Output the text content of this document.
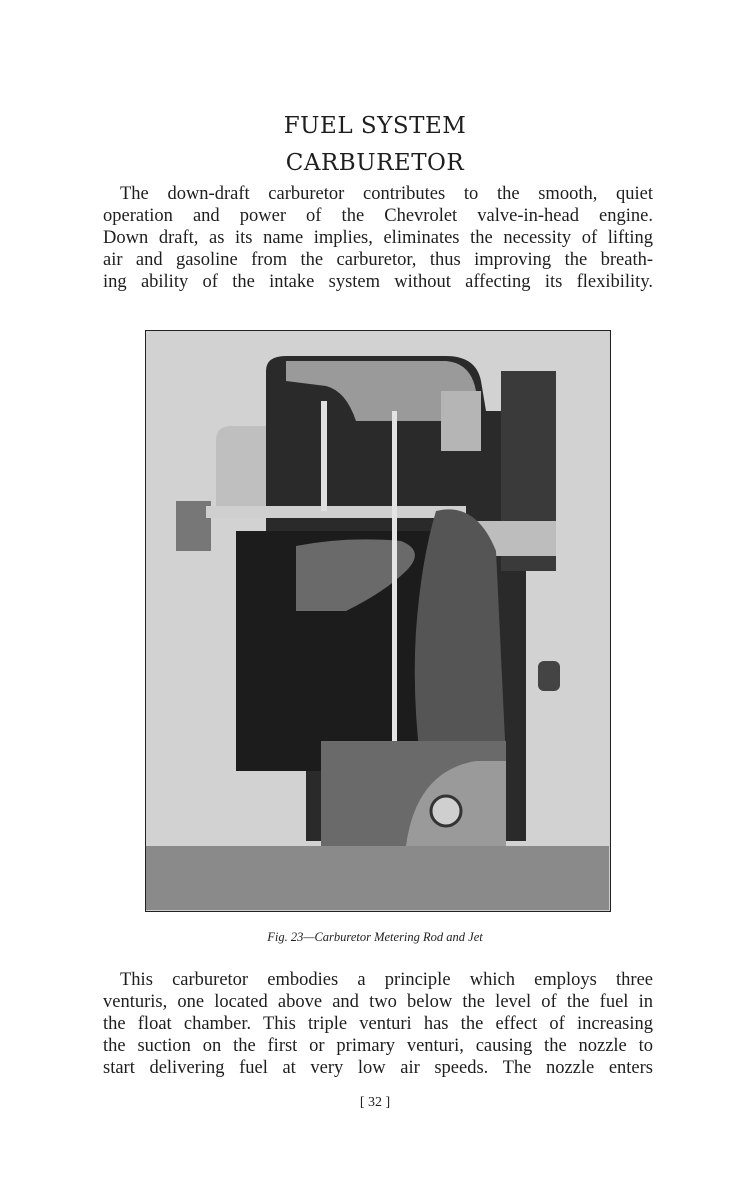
FUEL SYSTEM
CARBURETOR
The down-draft carburetor contributes to the smooth, quiet
operation and power of the Chevrolet valve-in-head engine.
Down draft, as its name implies, eliminates the necessity of lifting
air and gasoline from the carburetor, thus improving the breath-
ing ability of the intake system without affecting its flexibility.
Fig. 23—Carburetor Metering Rod and Jet
This carburetor embodies a principle which employs three
venturis, one located above and two below the level of the fuel in
the float chamber. This triple venturi has the effect of increasing
the suction on the first or primary venturi, causing the nozzle to
start delivering fuel at very low air speeds. The nozzle enters
[ 32 ]
